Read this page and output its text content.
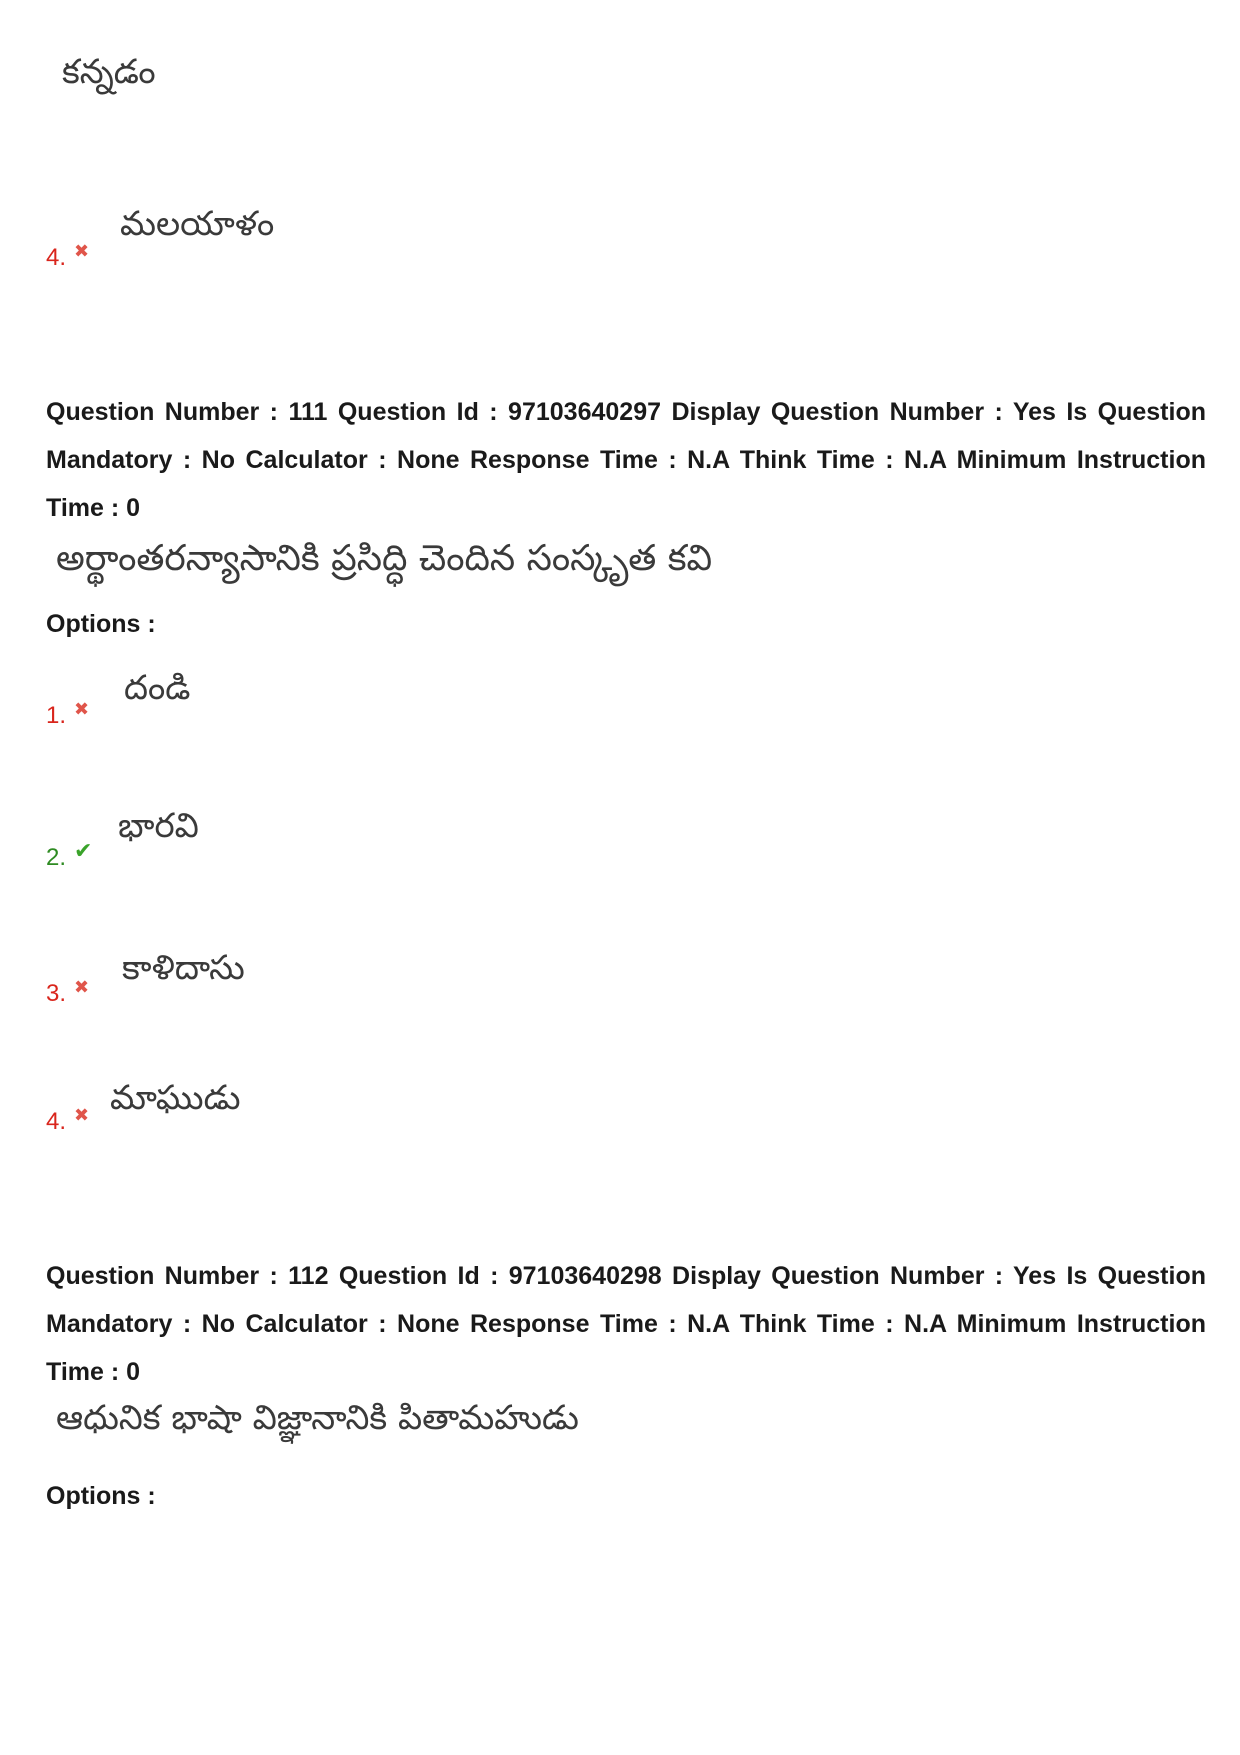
కన్నడం
4. ✖
మలయాళం
Question Number : 111 Question Id : 97103640297 Display Question Number : Yes Is Question Mandatory : No Calculator : None Response Time : N.A Think Time : N.A Minimum Instruction Time : 0
అర్థాంతరన్యాసానికి ప్రసిద్ధి చెందిన సంస్కృత కవి
Options :
1. ✖
దండి
2. ✔
భారవి
3. ✖ కాళిదాసు
4. ✖ మాఘుడు
Question Number : 112 Question Id : 97103640298 Display Question Number : Yes Is Question Mandatory : No Calculator : None Response Time : N.A Think Time : N.A Minimum Instruction Time : 0
ఆధునిక భాషా విజ్ఞానానికి పితామహుడు
Options :
